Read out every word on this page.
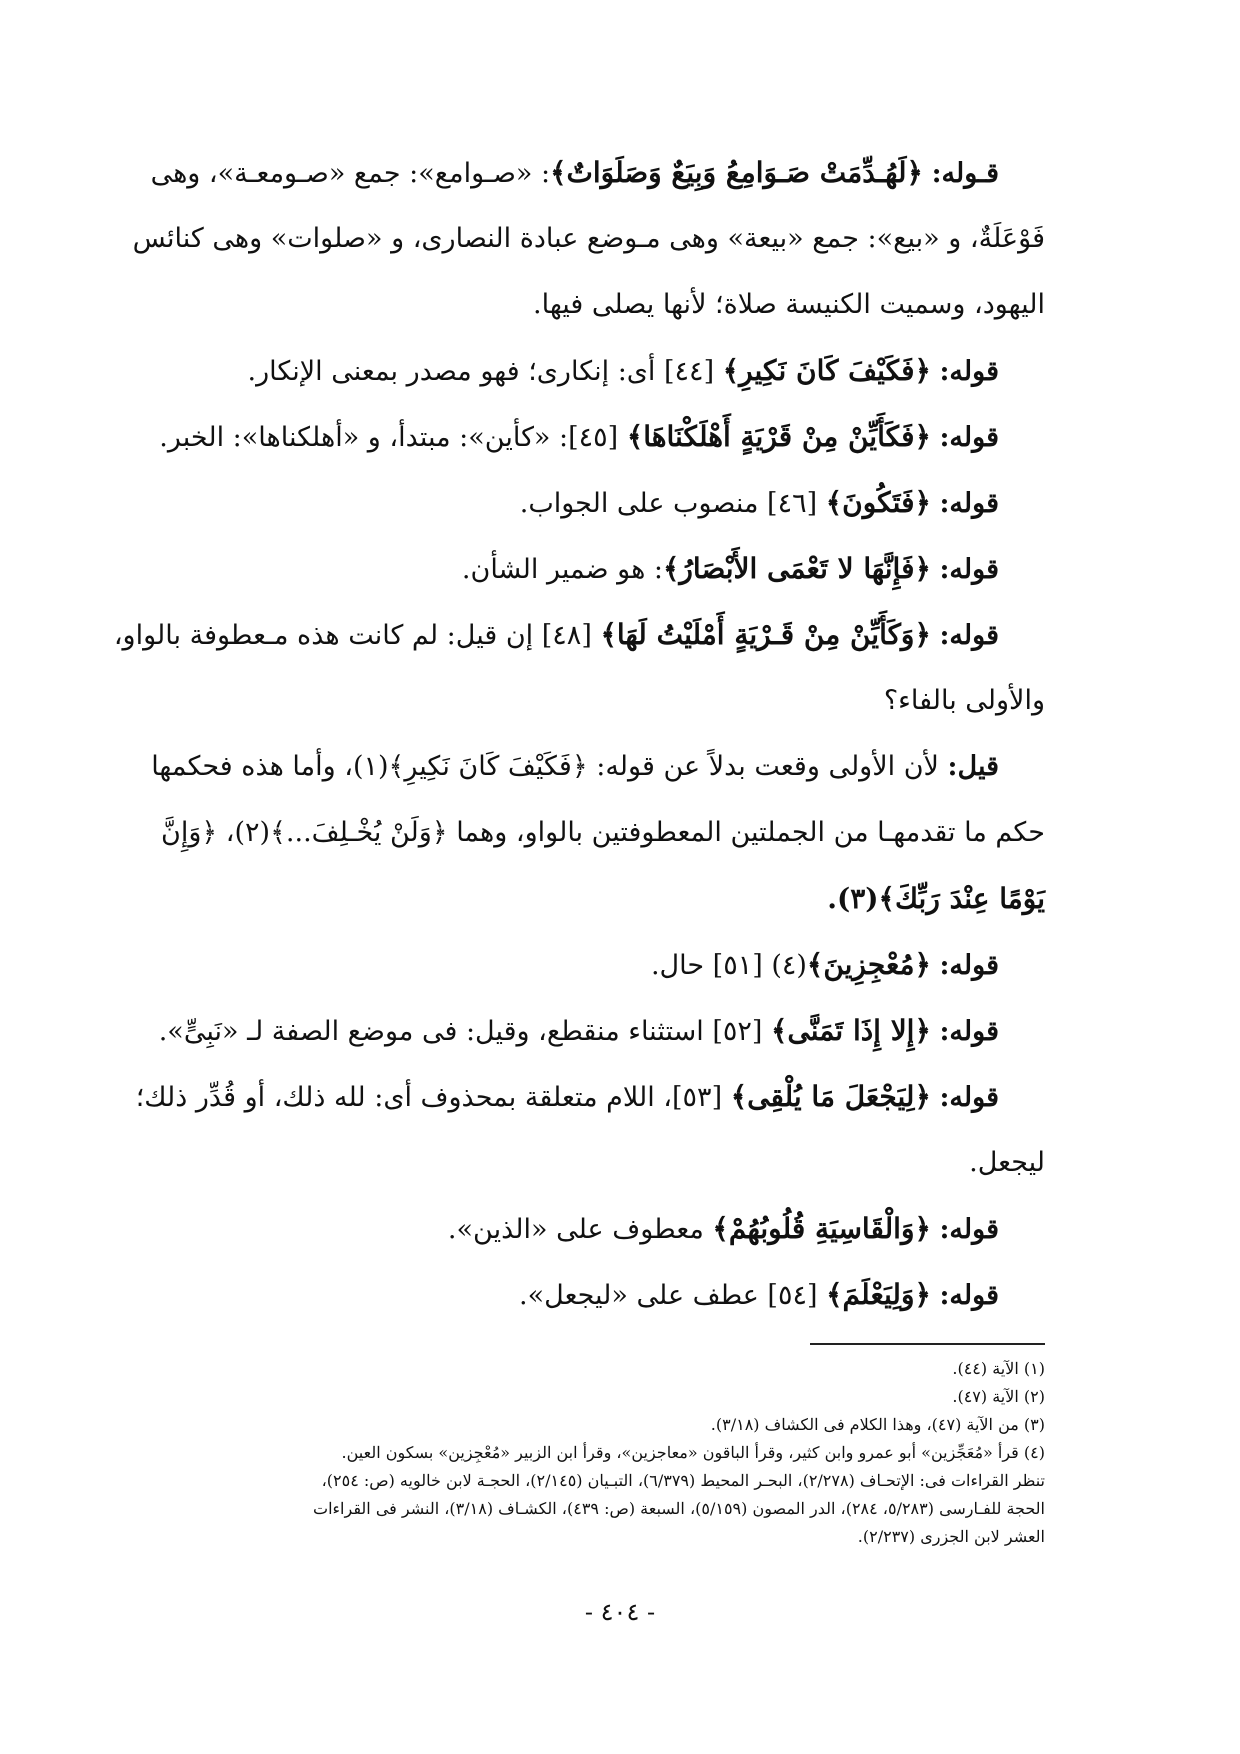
قـوله: ﴿لَهُـدِّمَتْ صَـوَامِعُ وَبِيَعٌ وَصَلَوَاتٌ﴾: «صـوامع»: جمع «صـومعـة»، وهى
فَوْعَلَةٌ، و «بيع»: جمع «بيعة» وهى مـوضع عبادة النصارى، و «صلوات» وهى كنائس
اليهود، وسميت الكنيسة صلاة؛ لأنها يصلى فيها.
قوله: ﴿فَكَيْفَ كَانَ نَكِيرِ﴾ [٤٤] أى: إنكارى؛ فهو مصدر بمعنى الإنكار.
قوله: ﴿فَكَأَيِّنْ مِنْ قَرْيَةٍ أَهْلَكْنَاهَا﴾ [٤٥]: «كأين»: مبتدأ، و «أهلكناها»: الخبر.
قوله: ﴿فَتَكُونَ﴾ [٤٦] منصوب على الجواب.
قوله: ﴿فَإِنَّهَا لا تَعْمَى الأَبْصَارُ﴾: هو ضمير الشأن.
قوله: ﴿وَكَأَيِّنْ مِنْ قَـرْيَةٍ أَمْلَيْتُ لَهَا﴾ [٤٨] إن قيل: لم كانت هذه مـعطوفة بالواو،
والأولى بالفاء؟
قيل: لأن الأولى وقعت بدلاً عن قوله: ﴿فَكَيْفَ كَانَ نَكِيرِ﴾(١)، وأما هذه فحكمها
حكم ما تقدمهـا من الجملتين المعطوفتين بالواو، وهما ﴿وَلَنْ يُخْـلِفَ...﴾(٢)، ﴿وَإِنَّ
يَوْمًا عِنْدَ رَبِّكَ﴾(٣).
قوله: ﴿مُعْجِزِينَ﴾(٤) [٥١] حال.
قوله: ﴿إِلا إِذَا تَمَنَّى﴾ [٥٢] استثناء منقطع، وقيل: فى موضع الصفة لـ «نَبِىٍّ».
قوله: ﴿لِيَجْعَلَ مَا يُلْقِى﴾ [٥٣]، اللام متعلقة بمحذوف أى: لله ذلك، أو قُدِّر ذلك؛
ليجعل.
قوله: ﴿وَالْقَاسِيَةِ قُلُوبُهُمْ﴾ معطوف على «الذين».
قوله: ﴿وَلِيَعْلَمَ﴾ [٥٤] عطف على «ليجعل».
(١) الآية (٤٤).
(٢) الآية (٤٧).
(٣) من الآية (٤٧)، وهذا الكلام فى الكشاف (٣/١٨).
(٤) قرأ «مُعَجِّزين» أبو عمرو وابن كثير، وقرأ الباقون «معاجزين»، وقرأ ابن الزبير «مُعْجِزين» بسكون العين.
تنظر القراءات فى: الإتحـاف (٢/٢٧٨)، البحـر المحيط (٦/٣٧٩)، التبـيان (٢/١٤٥)، الحجـة لابن خالويه (ص: ٢٥٤)،
الحجة للفـارسى (٥/٢٨٣، ٢٨٤)، الدر المصون (٥/١٥٩)، السبعة (ص: ٤٣٩)، الكشـاف (٣/١٨)، النشر فى القراءات
العشر لابن الجزرى (٢/٢٣٧).
- ٤٠٤ -
